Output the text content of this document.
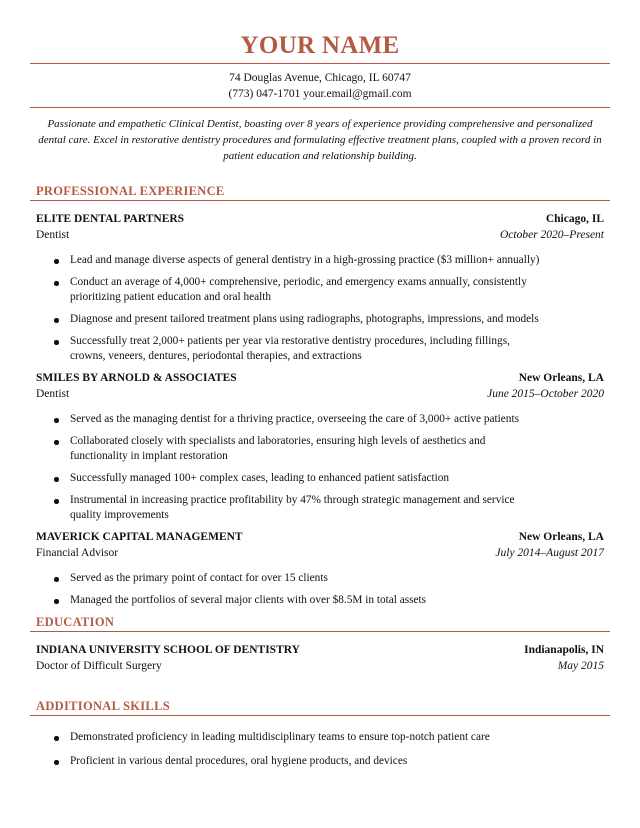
YOUR NAME
74 Douglas Avenue, Chicago, IL 60747
(773) 047-1701 your.email@gmail.com
Passionate and empathetic Clinical Dentist, boasting over 8 years of experience providing comprehensive and personalized dental care. Excel in restorative dentistry procedures and formulating effective treatment plans, coupled with a proven record in patient education and relationship building.
PROFESSIONAL EXPERIENCE
ELITE DENTAL PARTNERS	Chicago, IL
Dentist	October 2020–Present
Lead and manage diverse aspects of general dentistry in a high-grossing practice ($3 million+ annually)
Conduct an average of 4,000+ comprehensive, periodic, and emergency exams annually, consistently prioritizing patient education and oral health
Diagnose and present tailored treatment plans using radiographs, photographs, impressions, and models
Successfully treat 2,000+ patients per year via restorative dentistry procedures, including fillings, crowns, veneers, dentures, periodontal therapies, and extractions
SMILES BY ARNOLD & ASSOCIATES	New Orleans, LA
Dentist	June 2015–October 2020
Served as the managing dentist for a thriving practice, overseeing the care of 3,000+ active patients
Collaborated closely with specialists and laboratories, ensuring high levels of aesthetics and functionality in implant restoration
Successfully managed 100+ complex cases, leading to enhanced patient satisfaction
Instrumental in increasing practice profitability by 47% through strategic management and service quality improvements
MAVERICK CAPITAL MANAGEMENT	New Orleans, LA
Financial Advisor	July 2014–August 2017
Served as the primary point of contact for over 15 clients
Managed the portfolios of several major clients with over $8.5M in total assets
EDUCATION
INDIANA UNIVERSITY SCHOOL OF DENTISTRY	Indianapolis, IN
Doctor of Difficult Surgery	May 2015
ADDITIONAL SKILLS
Demonstrated proficiency in leading multidisciplinary teams to ensure top-notch patient care
Proficient in various dental procedures, oral hygiene products, and devices
